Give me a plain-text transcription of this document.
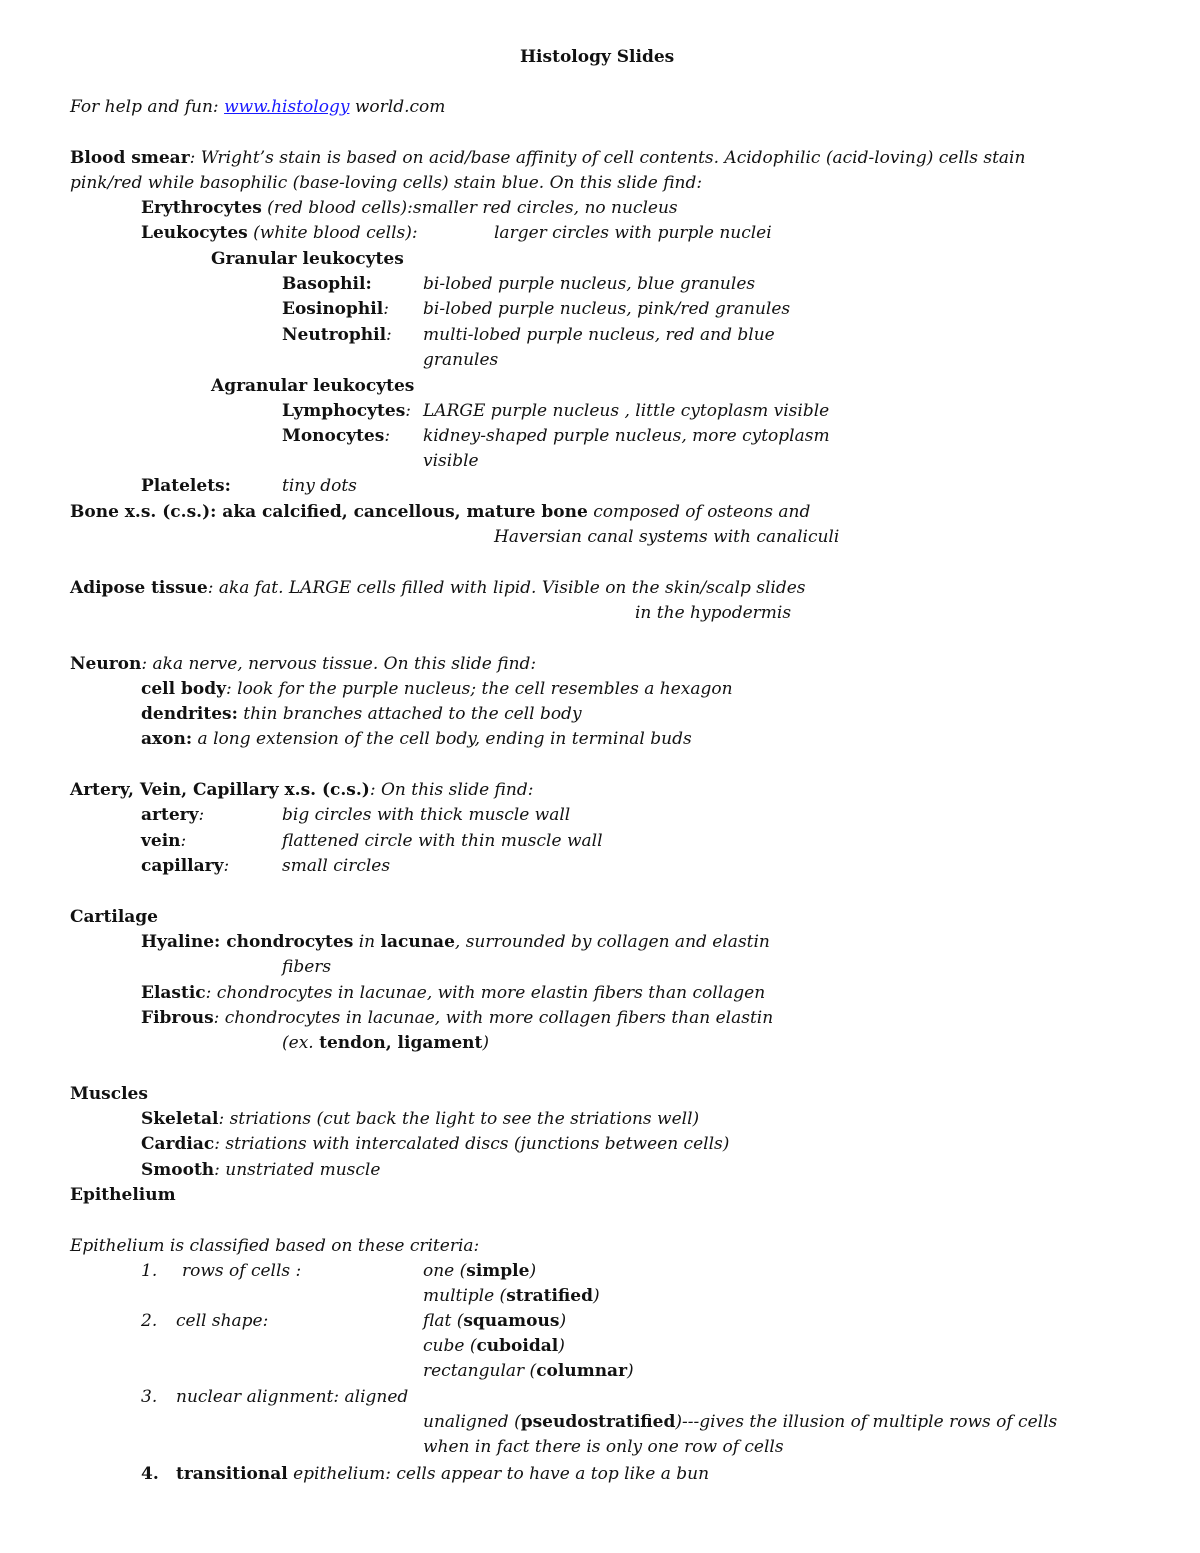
Histology Slides
For help and fun: www.histology world.com
Blood smear: Wright’s stain is based on acid/base affinity of cell contents. Acidophilic (acid-loving) cells stain
pink/red while basophilic (base-loving cells) stain blue. On this slide find:
Erythrocytes (red blood cells):smaller red circles, no nucleus
Leukocytes (white blood cells):	larger circles with purple nuclei
Granular leukocytes
Basophil:	bi-lobed purple nucleus, blue granules
Eosinophil: bi-lobed purple nucleus, pink/red granules
Neutrophil: multi-lobed purple nucleus, red and blue
granules
Agranular leukocytes
Lymphocytes: LARGE purple nucleus , little cytoplasm visible
Monocytes: kidney-shaped purple nucleus, more cytoplasm
visible
Platelets:	tiny dots
Bone x.s. (c.s.): aka calcified, cancellous, mature bone composed of osteons and
Haversian canal systems with canaliculi
Adipose tissue: aka fat. LARGE cells filled with lipid. Visible on the skin/scalp slides
in the hypodermis
Neuron: aka nerve, nervous tissue. On this slide find:
cell body: look for the purple nucleus; the cell resembles a hexagon
dendrites: thin branches attached to the cell body
axon: a long extension of the cell body, ending in terminal buds
Artery, Vein, Capillary x.s. (c.s.): On this slide find:
artery:	big circles with thick muscle wall
vein:	flattened circle with thin muscle wall
capillary:	small circles
Cartilage
Hyaline: chondrocytes in lacunae, surrounded by collagen and elastin
fibers
Elastic: chondrocytes in lacunae, with more elastin fibers than collagen
Fibrous: chondrocytes in lacunae, with more collagen fibers than elastin
(ex. tendon, ligament)
Muscles
Skeletal: striations (cut back the light to see the striations well)
Cardiac: striations with intercalated discs (junctions between cells)
Smooth: unstriated muscle
Epithelium
Epithelium is classified based on these criteria:
1. rows of cells :	one (simple)
multiple (stratified)
2. cell shape:	flat (squamous)
cube (cuboidal)
rectangular (columnar)
3. nuclear alignment: aligned
unaligned (pseudostratified)---gives the illusion of multiple rows of cells
when in fact there is only one row of cells
4. transitional epithelium: cells appear to have a top like a bun
